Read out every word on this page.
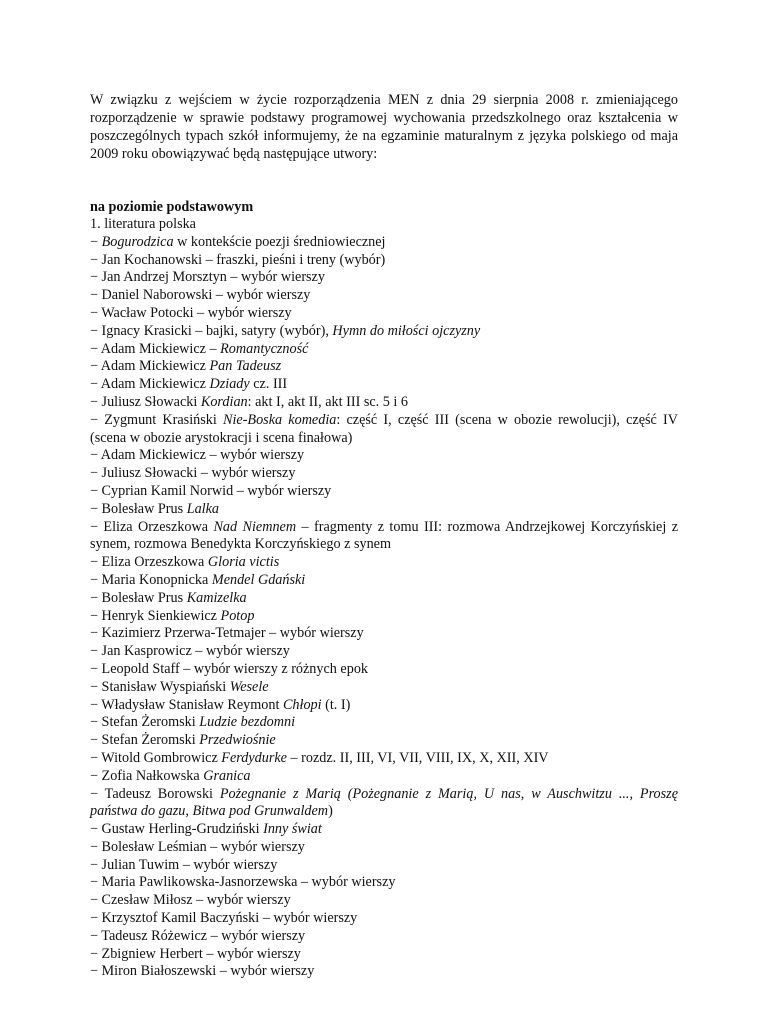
W związku z wejściem w życie rozporządzenia MEN z dnia 29 sierpnia 2008 r. zmieniającego rozporządzenie w sprawie podstawy programowej wychowania przedszkolnego oraz kształcenia w poszczególnych typach szkół informujemy, że na egzaminie maturalnym z języka polskiego od maja 2009 roku obowiązywać będą następujące utwory:

na poziomie podstawowym

1. literatura polska
− Bogurodzica w kontekście poezji średniowiecznej
− Jan Kochanowski – fraszki, pieśni i treny (wybór)
− Jan Andrzej Morsztyn – wybór wierszy
− Daniel Naborowski – wybór wierszy
− Wacław Potocki – wybór wierszy
− Ignacy Krasicki – bajki, satyry (wybór), Hymn do miłości ojczyzny
− Adam Mickiewicz – Romantyczność
− Adam Mickiewicz Pan Tadeusz
− Adam Mickiewicz Dziady cz. III
− Juliusz Słowacki Kordian: akt I, akt II, akt III sc. 5 i 6
− Zygmunt Krasiński Nie-Boska komedia: część I, część III (scena w obozie rewolucji), część IV (scena w obozie arystokracji i scena finałowa)
− Adam Mickiewicz – wybór wierszy
− Juliusz Słowacki – wybór wierszy
− Cyprian Kamil Norwid – wybór wierszy
− Bolesław Prus Lalka
− Eliza Orzeszkowa Nad Niemnem – fragmenty z tomu III: rozmowa Andrzejkowej Korczyńskiej z synem, rozmowa Benedykta Korczyńskiego z synem
− Eliza Orzeszkowa Gloria victis
− Maria Konopnicka Mendel Gdański
− Bolesław Prus Kamizelka
− Henryk Sienkiewicz Potop
− Kazimierz Przerwa-Tetmajer – wybór wierszy
− Jan Kasprowicz – wybór wierszy
− Leopold Staff – wybór wierszy z różnych epok
− Stanisław Wyspiański Wesele
− Władysław Stanisław Reymont Chłopi (t. I)
− Stefan Żeromski Ludzie bezdomni
− Stefan Żeromski Przedwiośnie
− Witold Gombrowicz Ferdydurke – rozdz. II, III, VI, VII, VIII, IX, X, XII, XIV
− Zofia Nałkowska Granica
− Tadeusz Borowski Pożegnanie z Marią (Pożegnanie z Marią, U nas, w Auschwitzu ..., Proszę państwa do gazu, Bitwa pod Grunwaldem)
− Gustaw Herling-Grudziński Inny świat
− Bolesław Leśmian – wybór wierszy
− Julian Tuwim – wybór wierszy
− Maria Pawlikowska-Jasnorzewska – wybór wierszy
− Czesław Miłosz – wybór wierszy
− Krzysztof Kamil Baczyński – wybór wierszy
− Tadeusz Różewicz – wybór wierszy
− Zbigniew Herbert – wybór wierszy
− Miron Białoszewski – wybór wierszy
